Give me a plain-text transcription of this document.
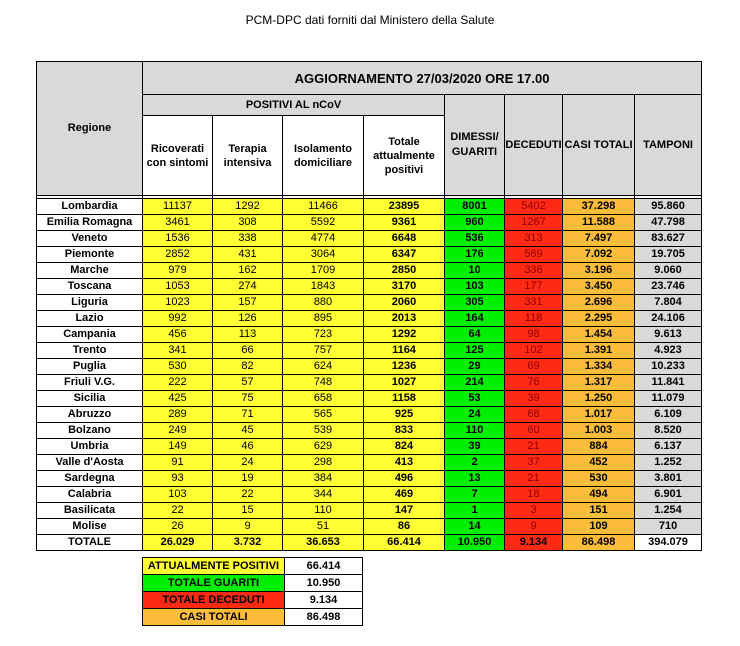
PCM-DPC dati forniti dal Ministero della Salute
Regione	AGGIORNAMENTO 27/03/2020 ORE 17.00							
	POSITIVI AL nCoV				DIMESSI/ GUARITI	DECEDUTI	CASI TOTALI	TAMPONI
	Ricoverati con sintomi	Terapia intensiva	Isolamento domiciliare	Totale attualmente positivi				

Lombardia	11137	1292	11466	23895	8001	5402	37.298	95.860
Emilia Romagna	3461	308	5592	9361	960	1267	11.588	47.798
Veneto	1536	338	4774	6648	536	313	7.497	83.627
Piemonte	2852	431	3064	6347	176	569	7.092	19.705
Marche	979	162	1709	2850	10	336	3.196	9.060
Toscana	1053	274	1843	3170	103	177	3.450	23.746
Liguria	1023	157	880	2060	305	331	2.696	7.804
Lazio	992	126	895	2013	164	118	2.295	24.106
Campania	456	113	723	1292	64	98	1.454	9.613
Trento	341	66	757	1164	125	102	1.391	4.923
Puglia	530	82	624	1236	29	69	1.334	10.233
Friuli V.G.	222	57	748	1027	214	76	1.317	11.841
Sicilia	425	75	658	1158	53	39	1.250	11.079
Abruzzo	289	71	565	925	24	68	1.017	6.109
Bolzano	249	45	539	833	110	60	1.003	8.520
Umbria	149	46	629	824	39	21	884	6.137
Valle d'Aosta	91	24	298	413	2	37	452	1.252
Sardegna	93	19	384	496	13	21	530	3.801
Calabria	103	22	344	469	7	18	494	6.901
Basilicata	22	15	110	147	1	3	151	1.254
Molise	26	9	51	86	14	9	109	710
TOTALE	26.029	3.732	36.653	66.414	10.950	9.134	86.498	394.079
ATTUALMENTE POSITIVI	66.414
TOTALE GUARITI	10.950
TOTALE DECEDUTI	9.134
CASI TOTALI	86.498
